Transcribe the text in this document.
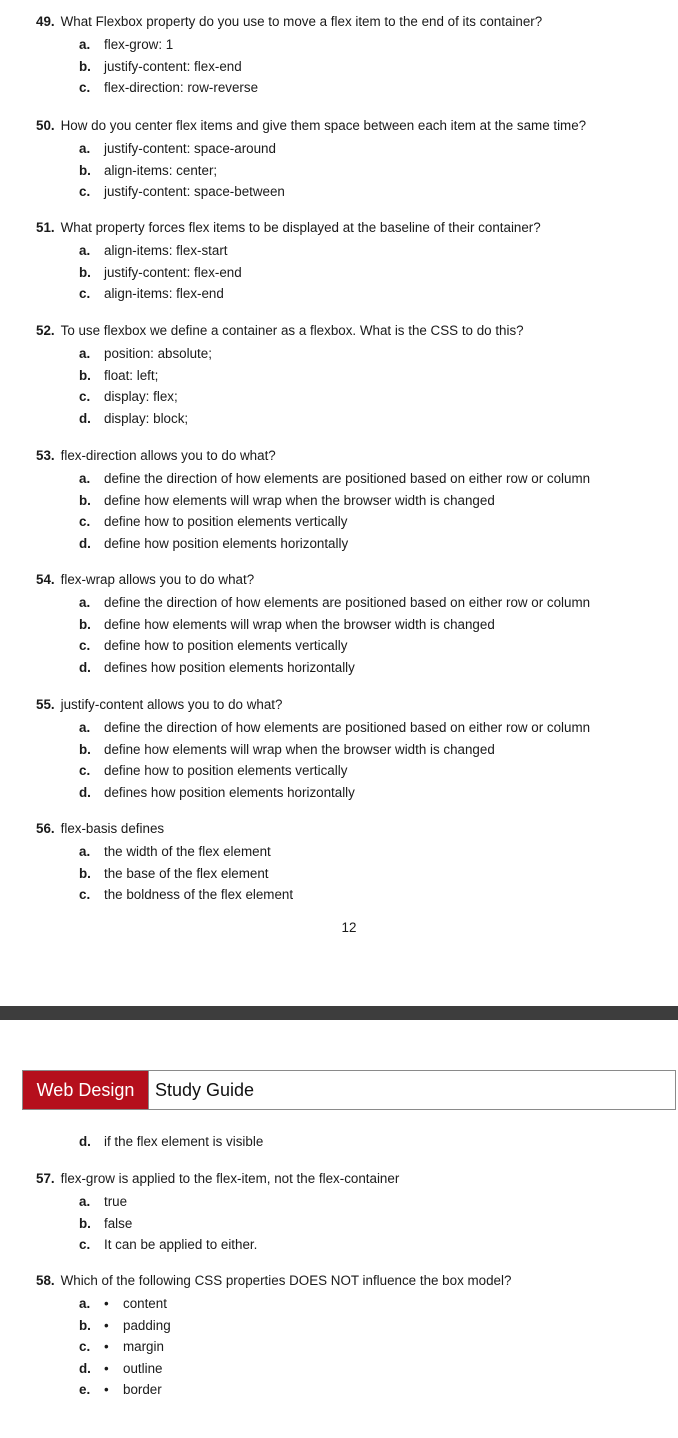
49. What Flexbox property do you use to move a flex item to the end of its container?
a. flex-grow: 1
b. justify-content: flex-end
c. flex-direction: row-reverse
50. How do you center flex items and give them space between each item at the same time?
a. justify-content: space-around
b. align-items: center;
c. justify-content: space-between
51. What property forces flex items to be displayed at the baseline of their container?
a. align-items: flex-start
b. justify-content: flex-end
c. align-items: flex-end
52. To use flexbox we define a container as a flexbox. What is the CSS to do this?
a. position: absolute;
b. float: left;
c. display: flex;
d. display: block;
53. flex-direction allows you to do what?
a. define the direction of how elements are positioned based on either row or column
b. define how elements will wrap when the browser width is changed
c. define how to position elements vertically
d. define how position elements horizontally
54. flex-wrap allows you to do what?
a. define the direction of how elements are positioned based on either row or column
b. define how elements will wrap when the browser width is changed
c. define how to position elements vertically
d. defines how position elements horizontally
55. justify-content allows you to do what?
a. define the direction of how elements are positioned based on either row or column
b. define how elements will wrap when the browser width is changed
c. define how to position elements vertically
d. defines how position elements horizontally
56. flex-basis defines
a. the width of the flex element
b. the base of the flex element
c. the boldness of the flex element
12
Web Design	Study Guide
d. if the flex element is visible
57. flex-grow is applied to the flex-item, not the flex-container
a. true
b. false
c. It can be applied to either.
58. Which of the following CSS properties DOES NOT influence the box model?
a. • content
b. • padding
c. • margin
d. • outline
e. • border
